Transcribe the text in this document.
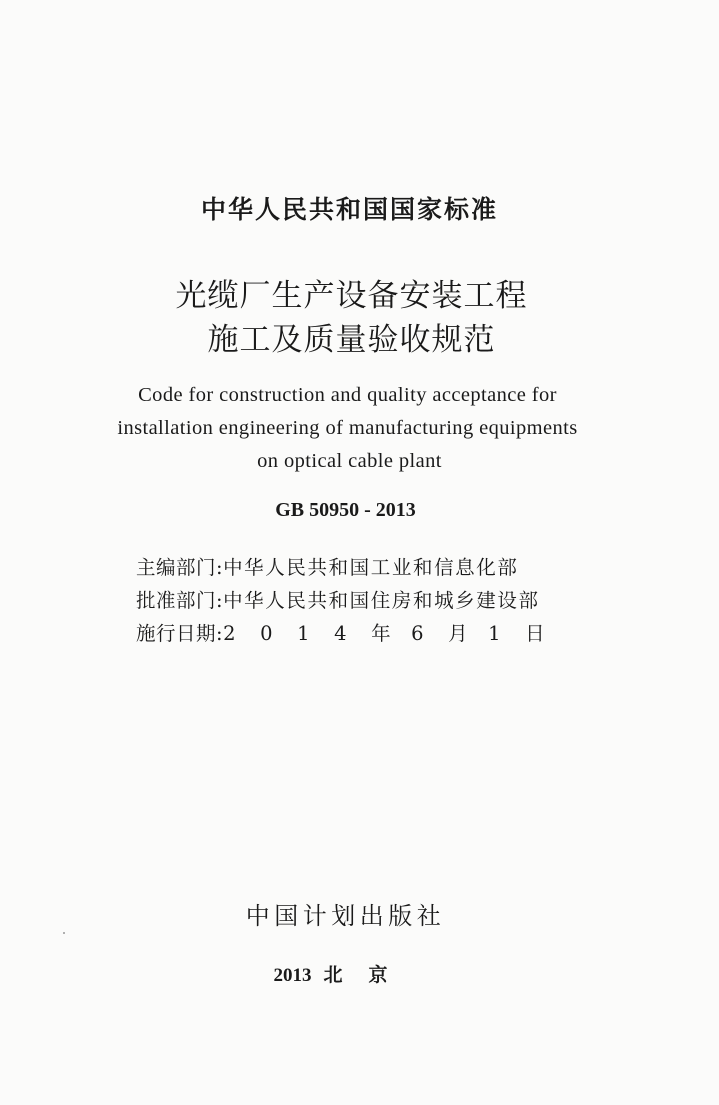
中华人民共和国国家标准
光缆厂生产设备安装工程
施工及质量验收规范
Code for construction and quality acceptance for
installation engineering of manufacturing equipments
on optical cable plant
GB 50950 - 2013
主编部门:中华人民共和国工业和信息化部
批准部门:中华人民共和国住房和城乡建设部
施行日期:2 0 1 4 年 6 月 1 日
中国计划出版社
2013 北京
